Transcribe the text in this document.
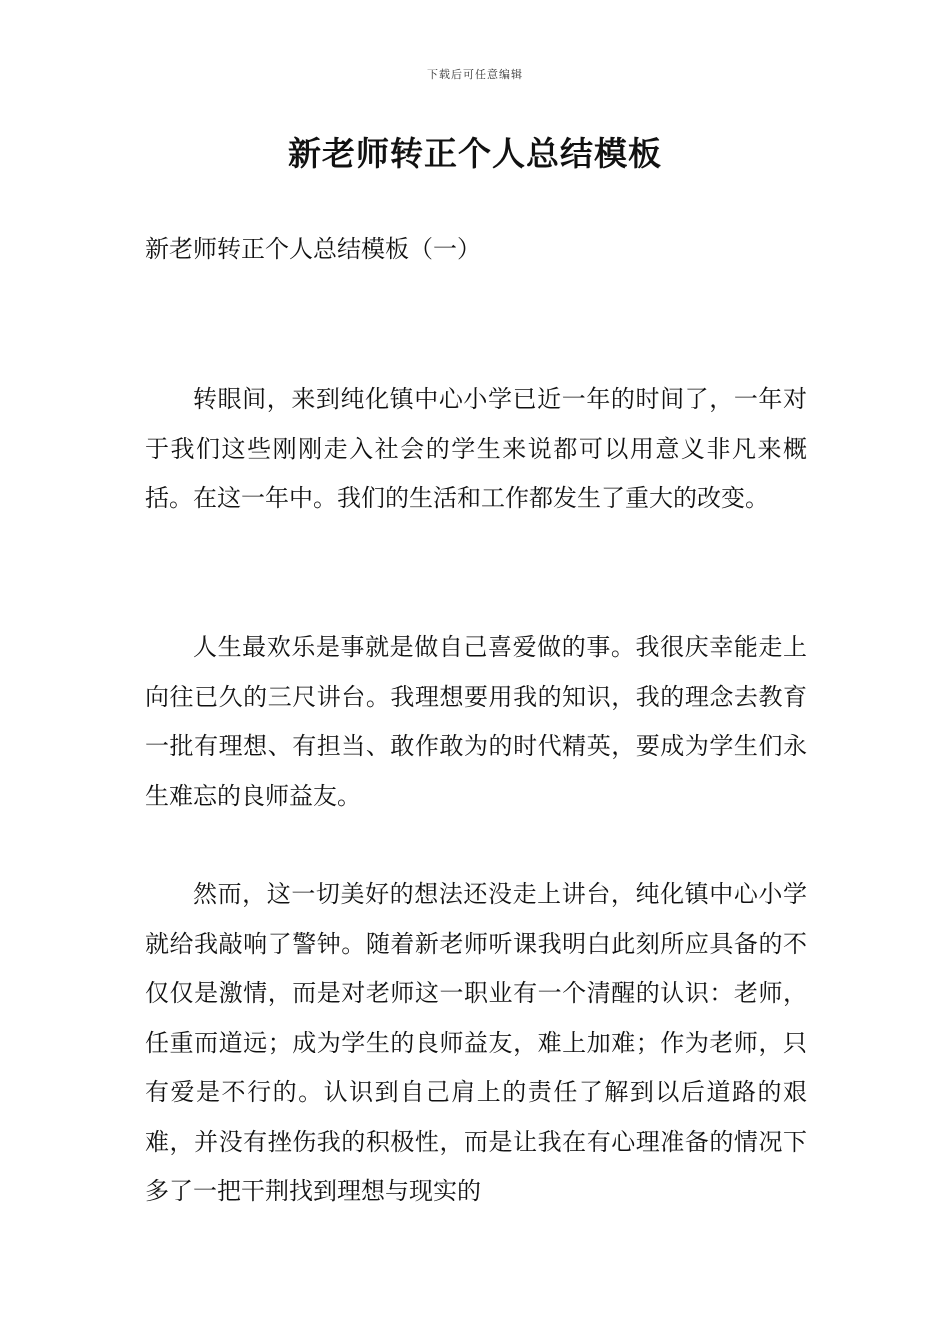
下载后可任意编辑
新老师转正个人总结模板
新老师转正个人总结模板（一）

转眼间，来到纯化镇中心小学已近一年的时间了，一年对于我们这些刚刚走入社会的学生来说都可以用意义非凡来概括。在这一年中。我们的生活和工作都发生了重大的改变。

人生最欢乐是事就是做自己喜爱做的事。我很庆幸能走上向往已久的三尺讲台。我理想要用我的知识，我的理念去教育一批有理想、有担当、敢作敢为的时代精英，要成为学生们永生难忘的良师益友。

然而，这一切美好的想法还没走上讲台，纯化镇中心小学就给我敲响了警钟。随着新老师听课我明白此刻所应具备的不仅仅是激情，而是对老师这一职业有一个清醒的认识：老师，任重而道远；成为学生的良师益友，难上加难；作为老师，只有爱是不行的。认识到自己肩上的责任了解到以后道路的艰难，并没有挫伤我的积极性，而是让我在有心理准备的情况下多了一把干荆找到理想与现实的
